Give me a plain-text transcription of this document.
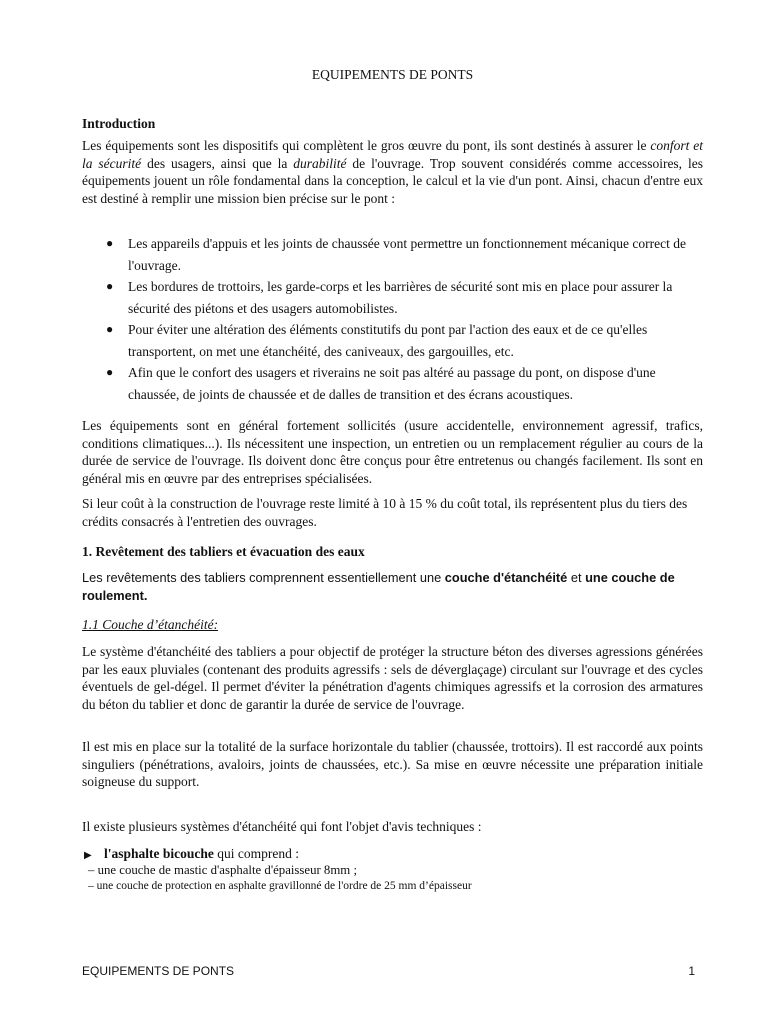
EQUIPEMENTS DE PONTS
Introduction

Les équipements sont les dispositifs qui complètent le gros œuvre du pont, ils sont destinés à assurer le confort et la sécurité des usagers, ainsi que la durabilité de l'ouvrage. Trop souvent considérés comme accessoires, les équipements jouent un rôle fondamental dans la conception, le calcul et la vie d'un pont. Ainsi, chacun d'entre eux est destiné à remplir une mission bien précise sur le pont :

● Les appareils d'appuis et les joints de chaussée vont permettre un fonctionnement mécanique correct de l'ouvrage.
● Les bordures de trottoirs, les garde-corps et les barrières de sécurité sont mis en place pour assurer la sécurité des piétons et des usagers automobilistes.
● Pour éviter une altération des éléments constitutifs du pont par l'action des eaux et de ce qu'elles transportent, on met une étanchéité, des caniveaux, des gargouilles, etc.
● Afin que le confort des usagers et riverains ne soit pas altéré au passage du pont, on dispose d'une chaussée, de joints de chaussée et de dalles de transition et des écrans acoustiques.

Les équipements sont en général fortement sollicités (usure accidentelle, environnement agressif, trafics, conditions climatiques...). Ils nécessitent une inspection, un entretien ou un remplacement régulier au cours de la durée de service de l'ouvrage. Ils doivent donc être conçus pour être entretenus ou changés facilement. Ils sont en général mis en œuvre par des entreprises spécialisées.

Si leur coût à la construction de l'ouvrage reste limité à 10 à 15 % du coût total, ils représentent plus du tiers des crédits consacrés à l'entretien des ouvrages.

1. Revêtement des tabliers et évacuation des eaux

Les revêtements des tabliers comprennent essentiellement une couche d'étanchéité et une couche de roulement.

1.1 Couche d’étanchéité:

Le système d'étanchéité des tabliers a pour objectif de protéger la structure béton des diverses agressions générées par les eaux pluviales (contenant des produits agressifs : sels de déverglaçage) circulant sur l'ouvrage et des cycles éventuels de gel-dégel. Il permet d'éviter la pénétration d'agents chimiques agressifs et la corrosion des armatures du béton du tablier et donc de garantir la durée de service de l'ouvrage.

Il est mis en place sur la totalité de la surface horizontale du tablier (chaussée, trottoirs). Il est raccordé aux points singuliers (pénétrations, avaloirs, joints de chaussées, etc.). Sa mise en œuvre nécessite une préparation initiale soigneuse du support.

Il existe plusieurs systèmes d'étanchéité qui font l'objet d'avis techniques :

▶ l'asphalte bicouche qui comprend :
– une couche de mastic d'asphalte d'épaisseur 8mm ;
– une couche de protection en asphalte gravillonné de l'ordre de 25 mm d’épaisseur
EQUIPEMENTS DE PONTS	1
